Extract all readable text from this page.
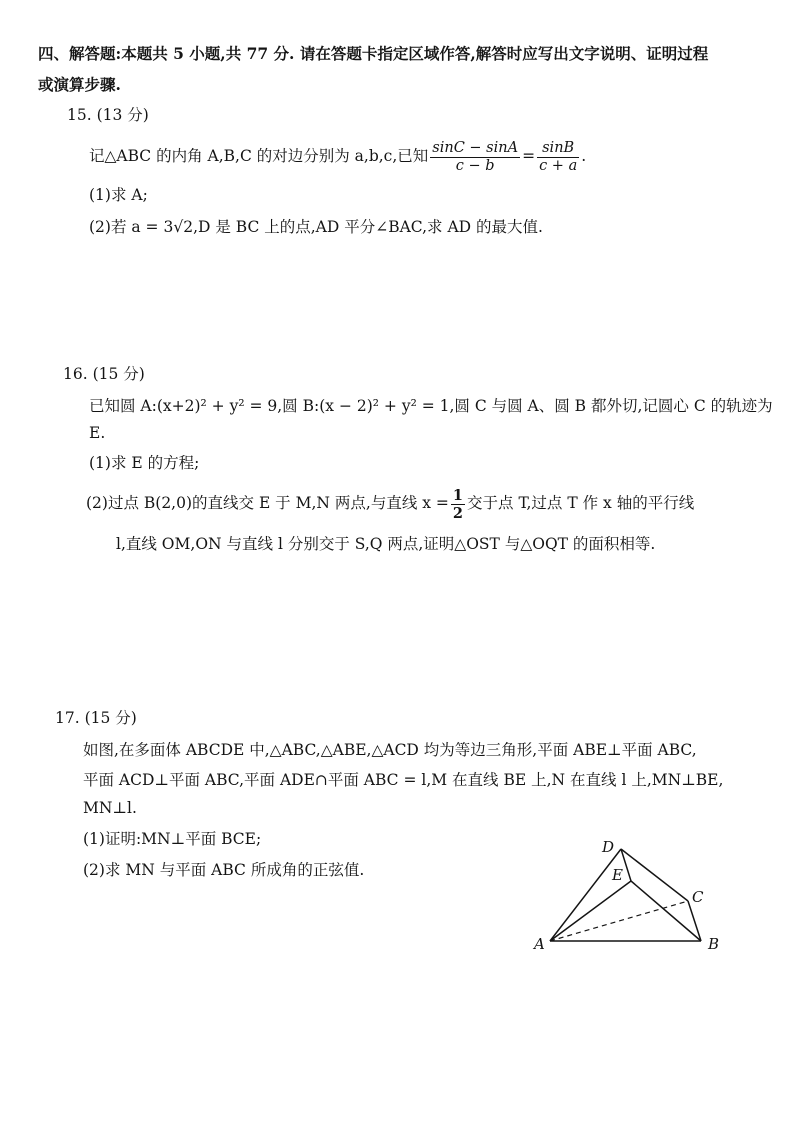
四、解答题:本题共 5 小题,共 77 分. 请在答题卡指定区域作答,解答时应写出文字说明、证明过程
或演算步骤.
15. (13 分)
记△ABC 的内角 A,B,C 的对边分别为 a,b,c,已知 $\frac{\sin C - \sin A}{c - b} = \frac{\sin B}{c + a}$ .
(1)求 A;
(2)若 a = 3√2,D 是 BC 上的点,AD 平分∠BAC,求 AD 的最大值.
16. (15 分)
已知圆 A:(x+2)² + y² = 9,圆 B:(x − 2)² + y² = 1,圆 C 与圆 A、圆 B 都外切,记圆心 C 的轨迹为
E.
(1)求 E 的方程;
(2)过点 B(2,0)的直线交 E 于 M,N 两点,与直线 $x = \frac{1}{2}$ 交于点 T,过点 T 作 x 轴的平行线
l,直线 OM,ON 与直线 l 分别交于 S,Q 两点,证明△OST 与△OQT 的面积相等.
17. (15 分)
如图,在多面体 ABCDE 中,△ABC,△ABE,△ACD 均为等边三角形,平面 ABE⊥平面 ABC,
平面 ACD⊥平面 ABC,平面 ADE∩平面 ABC = l,M 在直线 BE 上,N 在直线 l 上,MN⊥BE,
MN⊥l.
(1)证明:MN⊥平面 BCE;
(2)求 MN 与平面 ABC 所成角的正弦值.
A	B
C
D
E
